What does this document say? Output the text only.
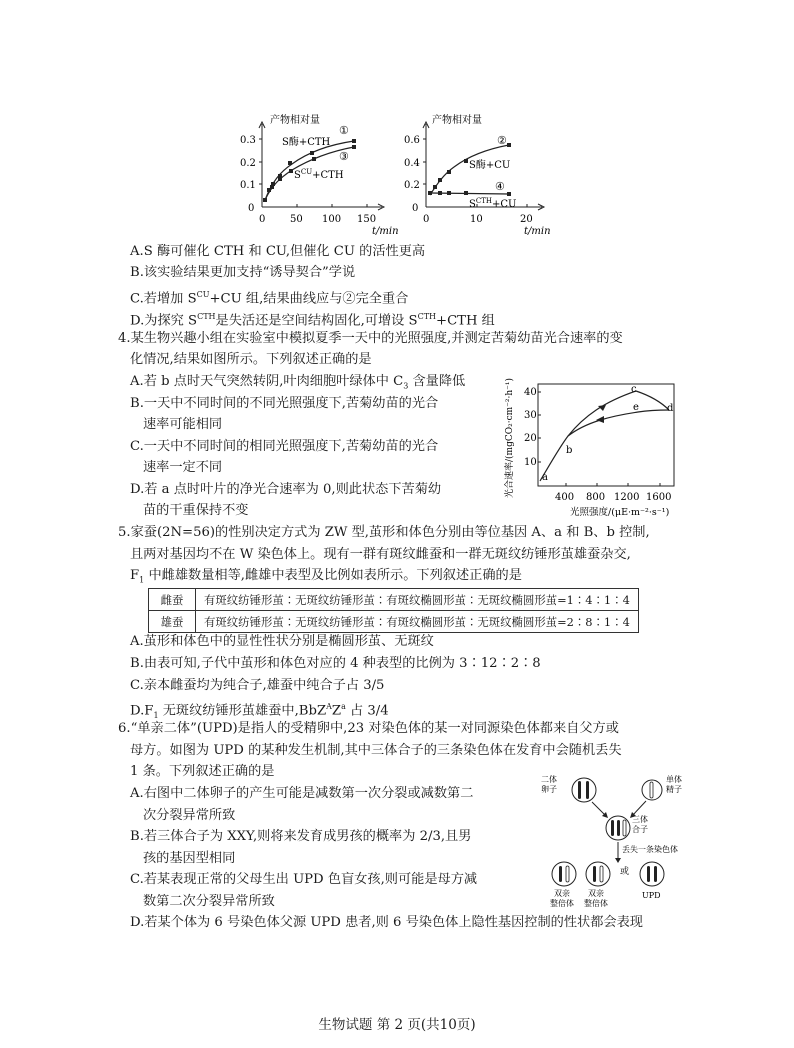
产物相对量
0.3
0.2
0.1
0
0 50 100 150
t/min
S酶+CTH
①
③
$S^{CU}+CTH$
产物相对量
0.6
0.4
0.2
0
0	10	20
t/min
②
S酶+CU
④
$S^{CTH}+CU$
A.S 酶可催化 CTH 和 CU,但催化 CU 的活性更高
B.该实验结果更加支持“诱导契合”学说
C.若增加 $S^{CU}+CU$ 组,结果曲线应与②完全重合
D.为探究 $S^{CTH}$是失活还是空间结构固化,可增设 $S^{CTH}+CTH$ 组
4.某生物兴趣小组在实验室中模拟夏季一天中的光照强度,并测定苦菊幼苗光合速率的变
化情况,结果如图所示。下列叙述正确的是
A.若 b 点时天气突然转阴,叶肉细胞叶绿体中 $C_3$ 含量降低
B.一天中不同时间的不同光照强度下,苦菊幼苗的光合
速率可能相同
C.一天中不同时间的相同光照强度下,苦菊幼苗的光合
速率一定不同
D.若 a 点时叶片的净光合速率为 0,则此状态下苦菊幼
苗的干重保持不变
光合速率/(mgCO₂·cm⁻²·h⁻¹) 40
30
20
10
400 800 1200 1600
光照强度/(μE·m⁻²·s⁻¹)
a
b
c
e	d
5.家蚕(2N=56)的性别决定方式为 ZW 型,茧形和体色分别由等位基因 A、a 和 B、b 控制,
且两对基因均不在 W 染色体上。现有一群有斑纹雌蚕和一群无斑纹纺锤形茧雄蚕杂交,
$F_1$ 中雌雄数量相等,雌雄中表型及比例如表所示。下列叙述正确的是
雌蚕	有斑纹纺锤形茧∶无斑纹纺锤形茧∶有斑纹椭圆形茧∶无斑纹椭圆形茧=1∶4∶1∶4
雄蚕	有斑纹纺锤形茧∶无斑纹纺锤形茧∶有斑纹椭圆形茧∶无斑纹椭圆形茧=2∶8∶1∶4
A.茧形和体色中的显性性状分别是椭圆形茧、无斑纹
B.由表可知,子代中茧形和体色对应的 4 种表型的比例为 3∶12∶2∶8
C.亲本雌蚕均为纯合子,雄蚕中纯合子占 3/5
$D.F_1$ 无斑纹纺锤形茧雄蚕中$,BbZ^AZ^a$ 占 3/4
6.“单亲二体”(UPD)是指人的受精卵中,23 对染色体的某一对同源染色体都来自父方或
母方。如图为 UPD 的某种发生机制,其中三体合子的三条染色体在发育中会随机丢失
1 条。下列叙述正确的是
A.右图中二体卵子的产生可能是减数第一次分裂或减数第二
次分裂异常所致
B.若三体合子为 XXY,则将来发育成男孩的概率为 2/3,且男
孩的基因型相同
C.若某表现正常的父母生出 UPD 色盲女孩,则可能是母方减
数第二次分裂异常所致
D.若某个体为 6 号染色体父源 UPD 患者,则 6 号染色体上隐性基因控制的性状都会表现
二体
卵子
单体
精子
三体
合子
丢失一条染色体
或
双亲
整倍体
双亲
整倍体
UPD
生物试题 第 2 页(共10页)
